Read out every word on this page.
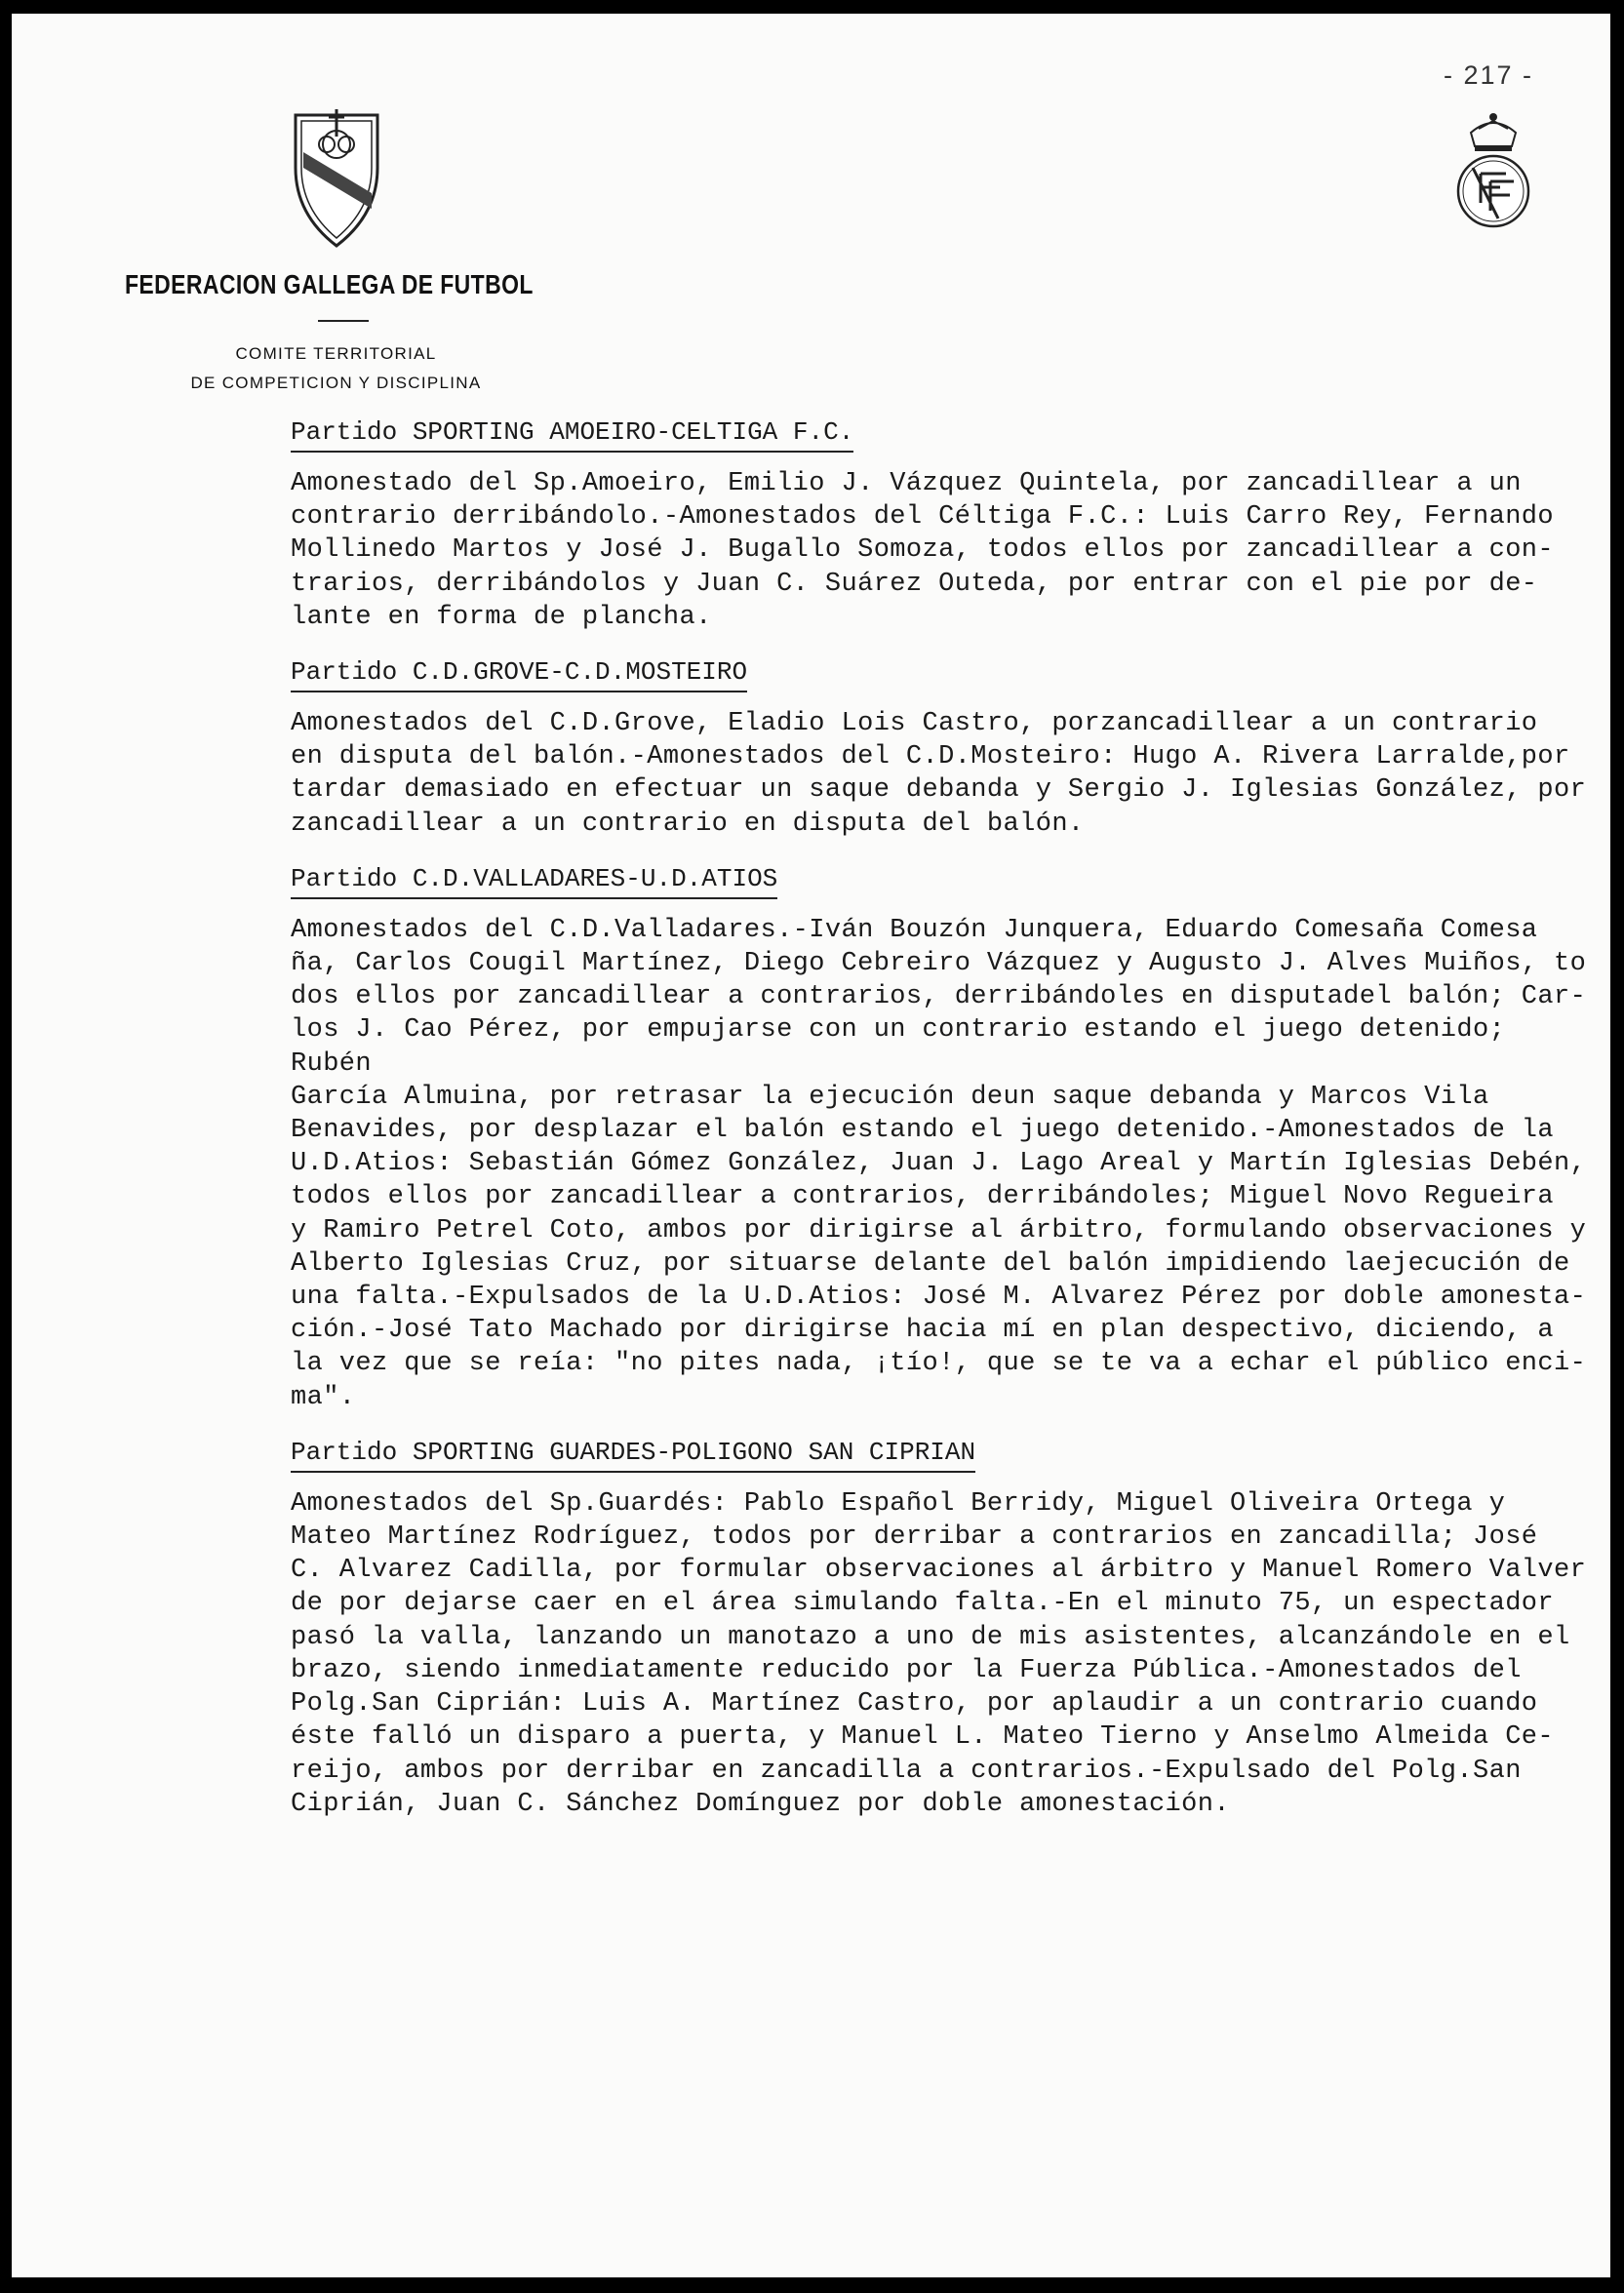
- 217 -
FEDERACION GALLEGA DE FUTBOL
COMITE TERRITORIAL
DE COMPETICION Y DISCIPLINA
Partido SPORTING AMOEIRO-CELTIGA F.C.
Amonestado del Sp.Amoeiro, Emilio J. Vázquez Quintela, por zancadillear a un
contrario derribándolo.-Amonestados del Céltiga F.C.: Luis Carro Rey, Fernando
Mollinedo Martos y José J. Bugallo Somoza, todos ellos por zancadillear a con-
trarios, derribándolos y Juan C. Suárez Outeda, por entrar con el pie por de-
lante en forma de plancha.
Partido C.D.GROVE-C.D.MOSTEIRO
Amonestados del C.D.Grove, Eladio Lois Castro, porzancadillear a un contrario
en disputa del balón.-Amonestados del C.D.Mosteiro: Hugo A. Rivera Larralde,por
tardar demasiado en efectuar un saque debanda y Sergio J. Iglesias González, por
zancadillear a un contrario en disputa del balón.
Partido C.D.VALLADARES-U.D.ATIOS
Amonestados del C.D.Valladares.-Iván Bouzón Junquera, Eduardo Comesaña Comesa
ña, Carlos Cougil Martínez, Diego Cebreiro Vázquez y Augusto J. Alves Muiños, to
dos ellos por zancadillear a contrarios, derribándoles en disputadel balón; Car-
los J. Cao Pérez, por empujarse con un contrario estando el juego detenido; Rubén
García Almuina, por retrasar la ejecución deun saque debanda y Marcos Vila
Benavides, por desplazar el balón estando el juego detenido.-Amonestados de la
U.D.Atios: Sebastián Gómez González, Juan J. Lago Areal y Martín Iglesias Debén,
todos ellos por zancadillear a contrarios, derribándoles; Miguel Novo Regueira
y Ramiro Petrel Coto, ambos por dirigirse al árbitro, formulando observaciones y
Alberto Iglesias Cruz, por situarse delante del balón impidiendo laejecución de
una falta.-Expulsados de la U.D.Atios: José M. Alvarez Pérez por doble amonesta-
ción.-José Tato Machado por dirigirse hacia mí en plan despectivo, diciendo, a
la vez que se reía: "no pites nada, ¡tío!, que se te va a echar el público enci-
ma".
Partido SPORTING GUARDES-POLIGONO SAN CIPRIAN
Amonestados del Sp.Guardés: Pablo Español Berridy, Miguel Oliveira Ortega y
Mateo Martínez Rodríguez, todos por derribar a contrarios en zancadilla; José
C. Alvarez Cadilla, por formular observaciones al árbitro y Manuel Romero Valver
de por dejarse caer en el área simulando falta.-En el minuto 75, un espectador
pasó la valla, lanzando un manotazo a uno de mis asistentes, alcanzándole en el
brazo, siendo inmediatamente reducido por la Fuerza Pública.-Amonestados del
Polg.San Ciprián: Luis A. Martínez Castro, por aplaudir a un contrario cuando
éste falló un disparo a puerta, y Manuel L. Mateo Tierno y Anselmo Almeida Ce-
reijo, ambos por derribar en zancadilla a contrarios.-Expulsado del Polg.San
Ciprián, Juan C. Sánchez Domínguez por doble amonestación.
